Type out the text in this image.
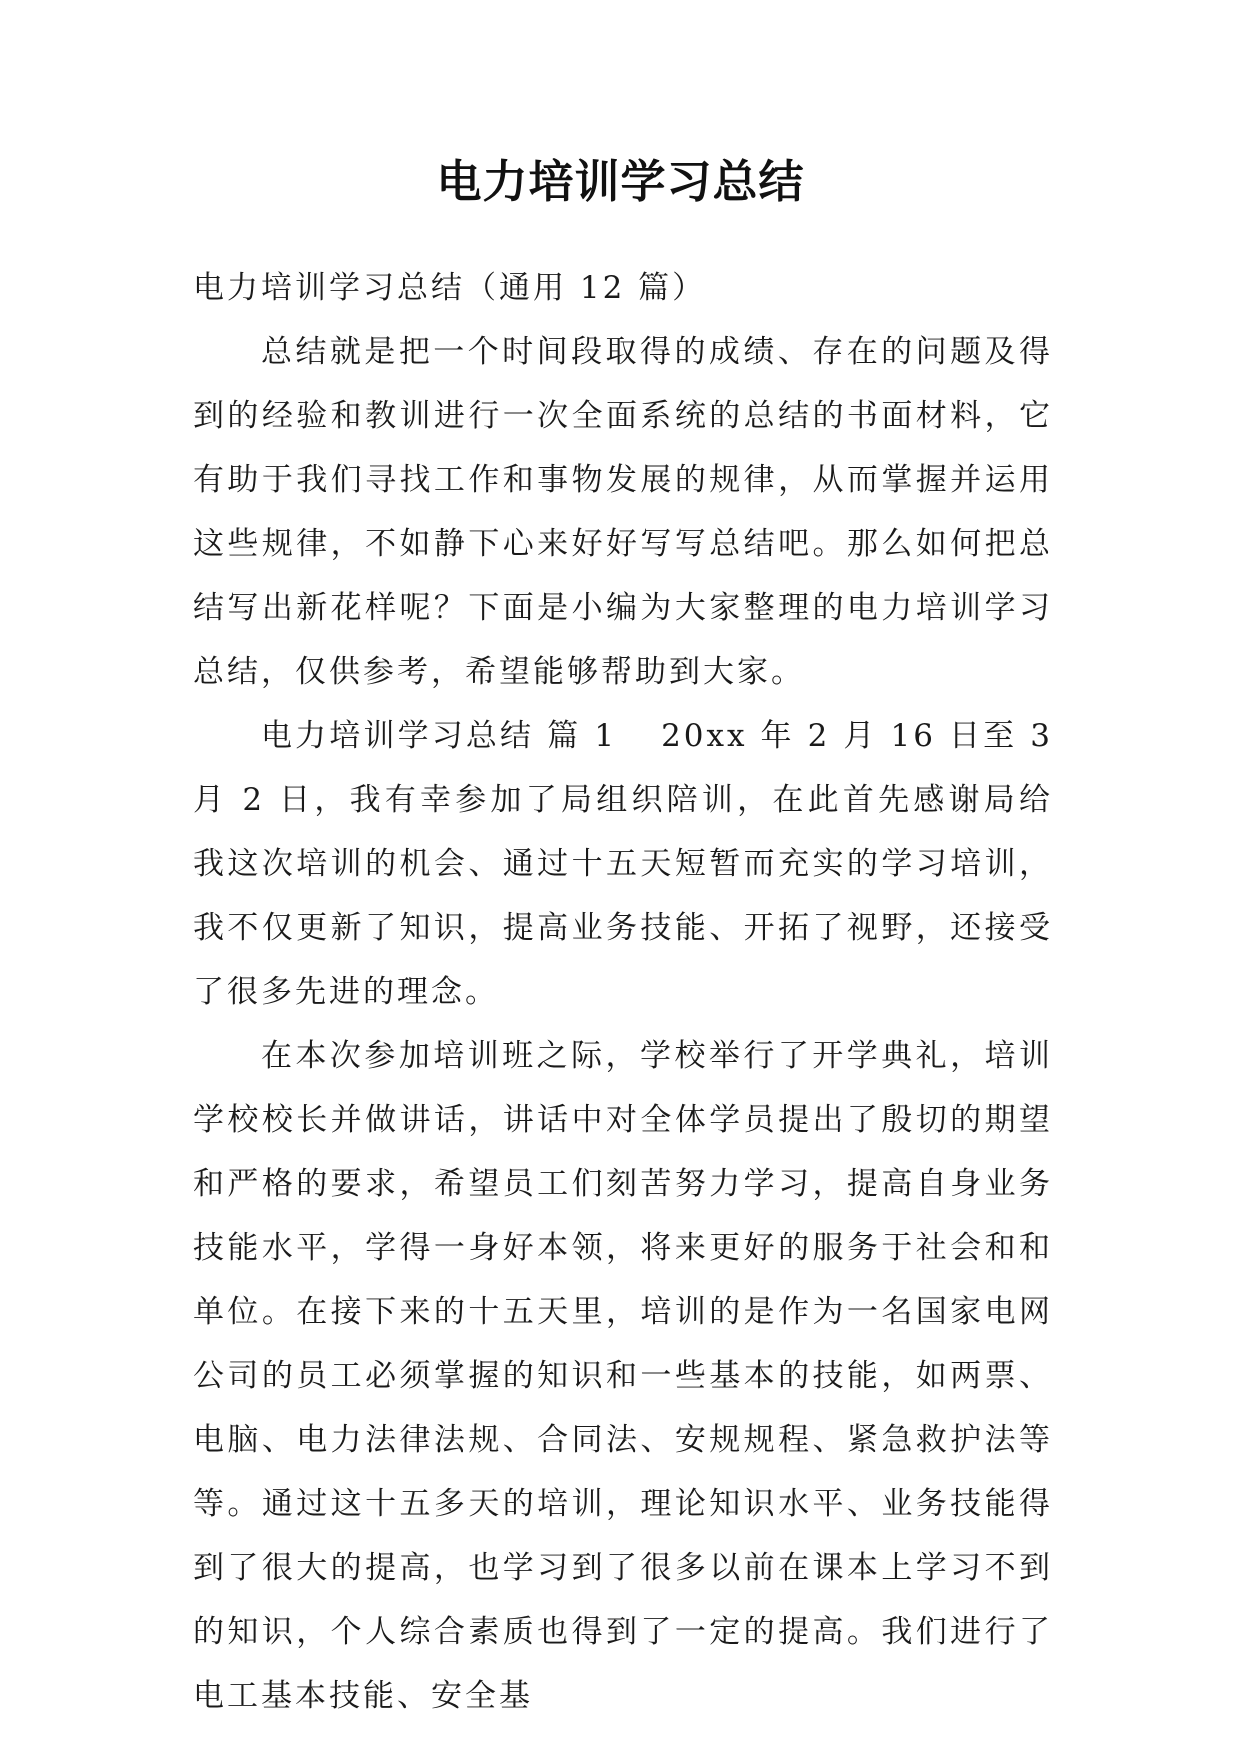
电力培训学习总结

电力培训学习总结（通用 12 篇）

总结就是把一个时间段取得的成绩、存在的问题及得到的经验和教训进行一次全面系统的总结的书面材料，它有助于我们寻找工作和事物发展的规律，从而掌握并运用这些规律，不如静下心来好好写写总结吧。那么如何把总结写出新花样呢？下面是小编为大家整理的电力培训学习总结，仅供参考，希望能够帮助到大家。

电力培训学习总结 篇 1 20xx 年 2 月 16 日至 3 月 2 日，我有幸参加了局组织陪训，在此首先感谢局给我这次培训的机会、通过十五天短暂而充实的学习培训，我不仅更新了知识，提高业务技能、开拓了视野，还接受了很多先进的理念。

在本次参加培训班之际，学校举行了开学典礼，培训学校校长并做讲话，讲话中对全体学员提出了殷切的期望和严格的要求，希望员工们刻苦努力学习，提高自身业务技能水平，学得一身好本领，将来更好的服务于社会和和单位。在接下来的十五天里，培训的是作为一名国家电网公司的员工必须掌握的知识和一些基本的技能，如两票、电脑、电力法律法规、合同法、安规规程、紧急救护法等等。通过这十五多天的培训，理论知识水平、业务技能得到了很大的提高，也学习到了很多以前在课本上学习不到的知识，个人综合素质也得到了一定的提高。我们进行了电工基本技能、安全基
